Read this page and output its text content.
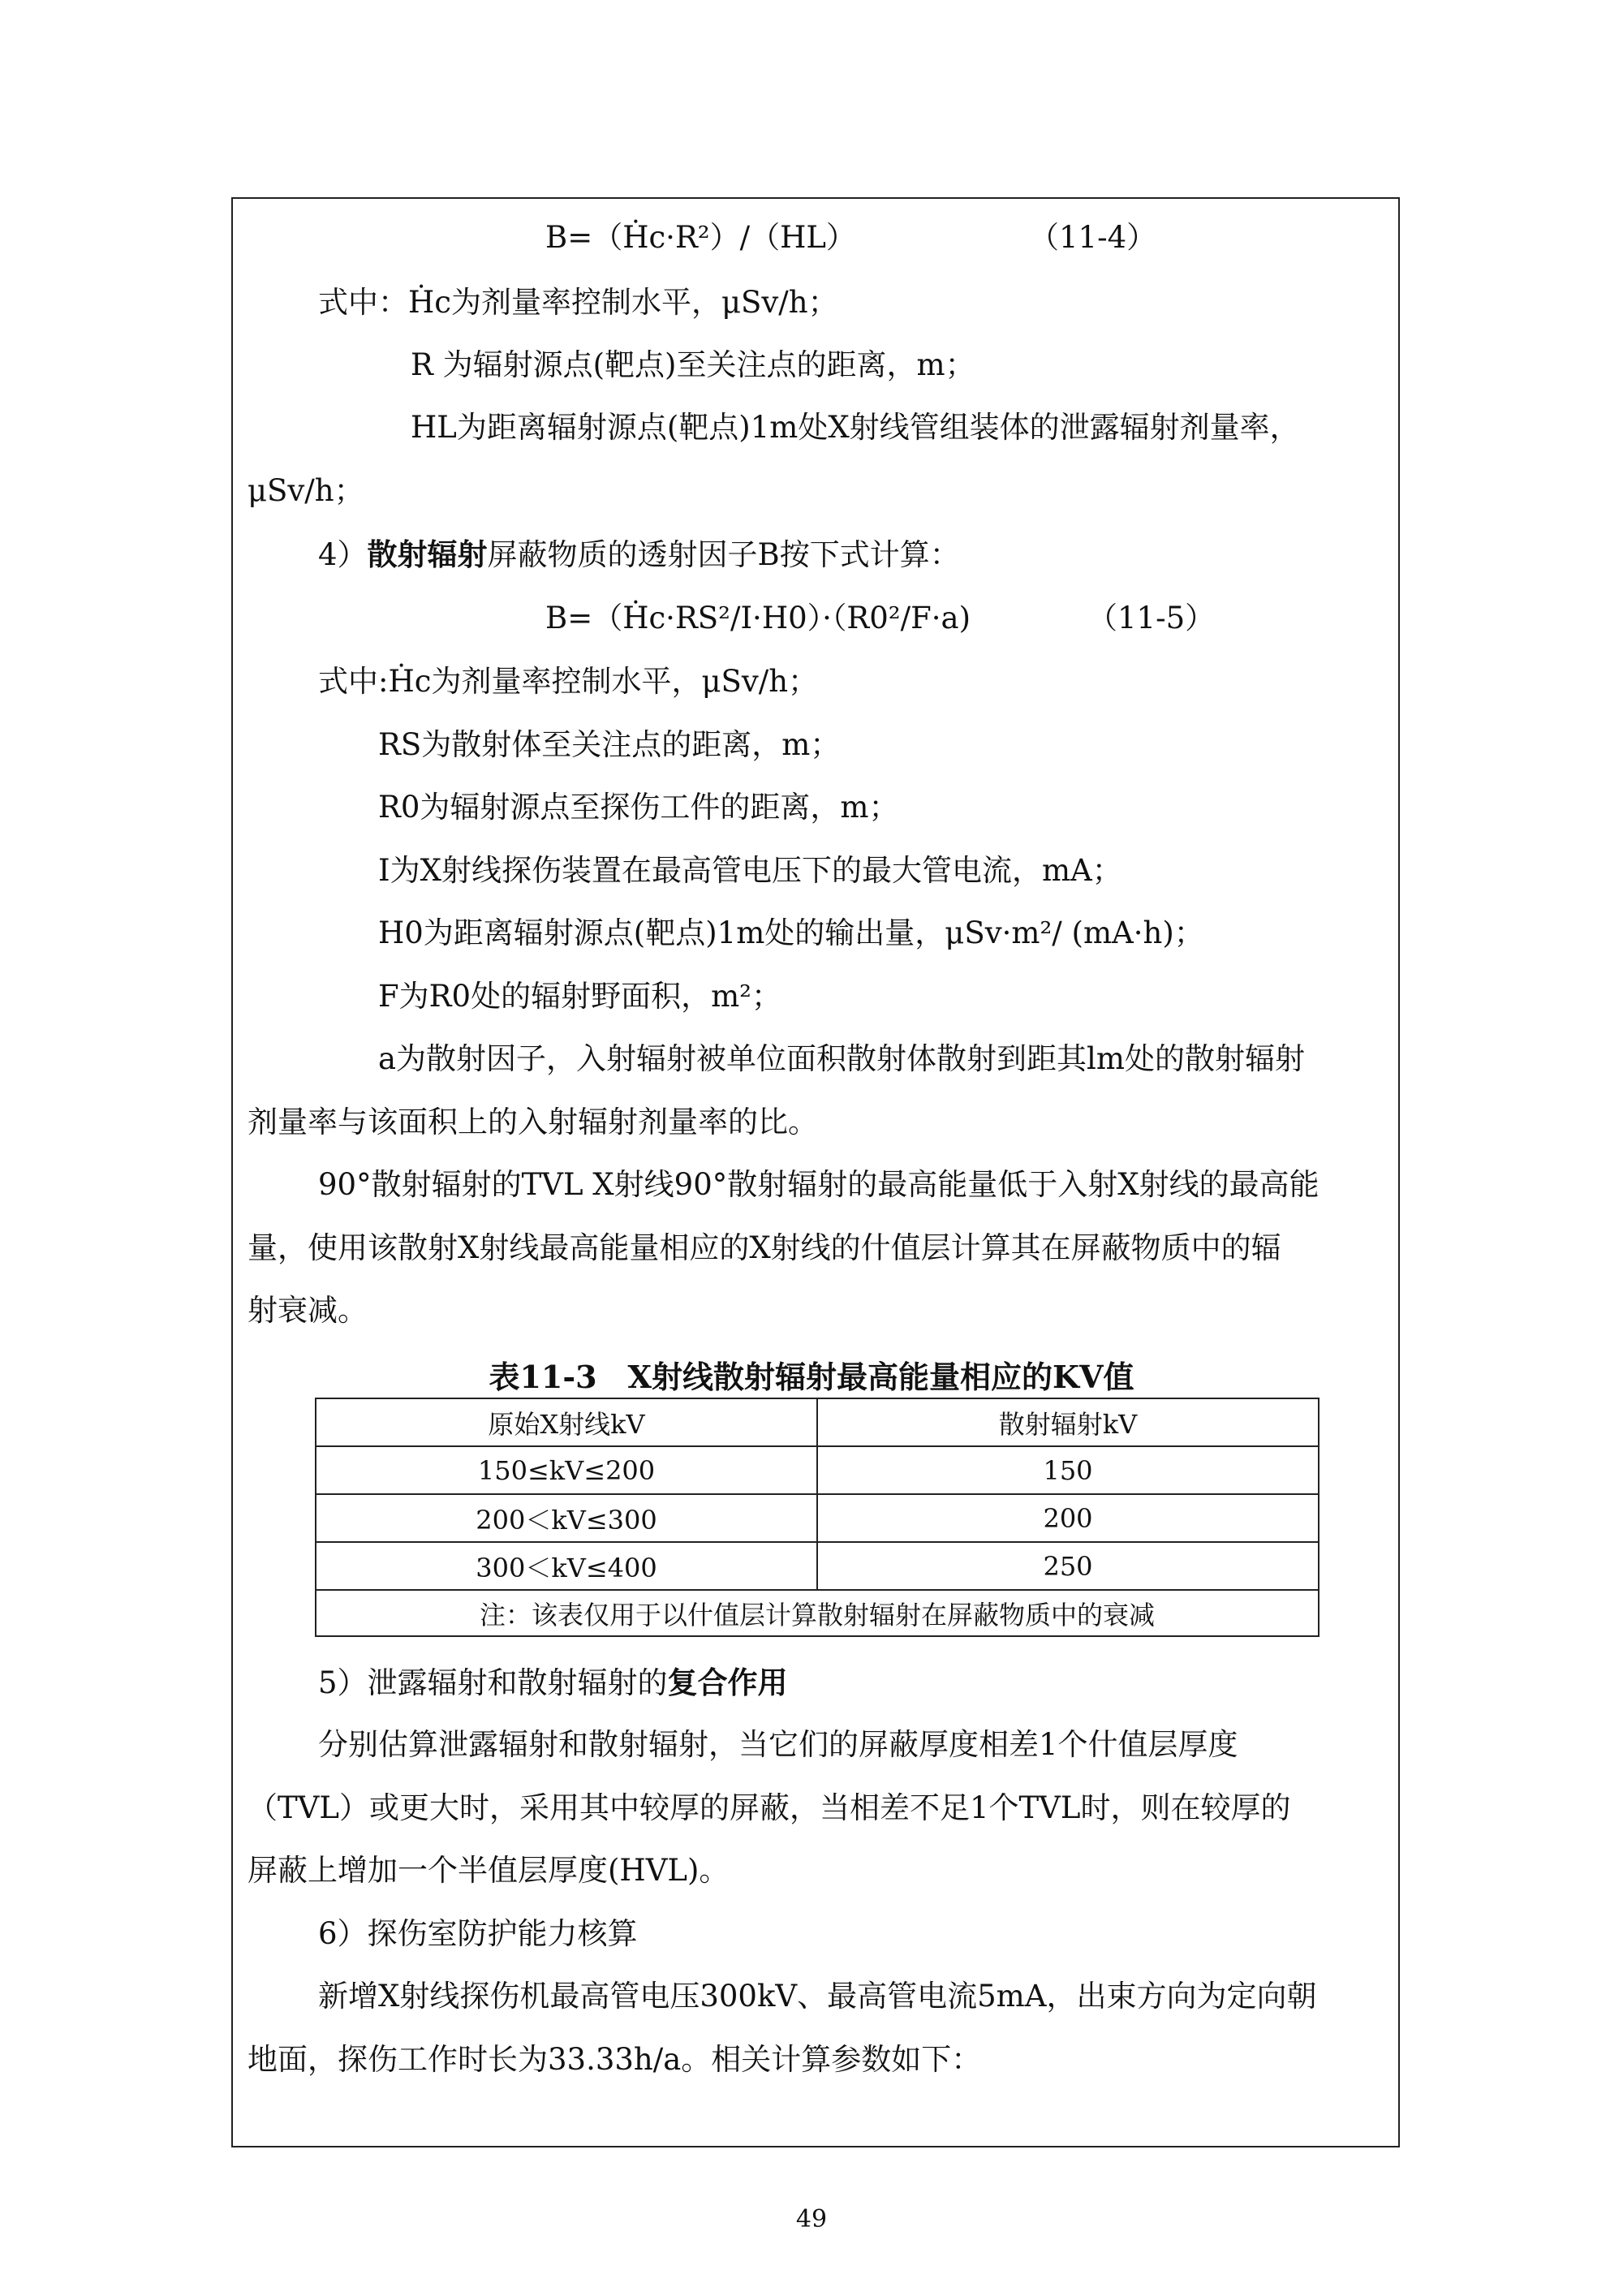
B=（Ḣc·R²）/（HL）	（11-4）
式中：Ḣc为剂量率控制水平，μSv/h；
R 为辐射源点(靶点)至关注点的距离，m；
HL为距离辐射源点(靶点)1m处X射线管组装体的泄露辐射剂量率，
μSv/h；
4）散射辐射屏蔽物质的透射因子B按下式计算：
B=（Ḣc·RS²/I·H0）·（R0²/F·a)	（11-5）
式中:Ḣc为剂量率控制水平，μSv/h；
RS为散射体至关注点的距离，m；
R0为辐射源点至探伤工件的距离，m；
I为X射线探伤装置在最高管电压下的最大管电流，mA；
H0为距离辐射源点(靶点)1m处的输出量，μSv·m²/ (mA·h)；
F为R0处的辐射野面积，m²；
a为散射因子，入射辐射被单位面积散射体散射到距其lm处的散射辐射
剂量率与该面积上的入射辐射剂量率的比。
90°散射辐射的TVL X射线90°散射辐射的最高能量低于入射X射线的最高能
量，使用该散射X射线最高能量相应的X射线的什值层计算其在屏蔽物质中的辐
射衰减。
表11-3　X射线散射辐射最高能量相应的KV值
原始X射线kV	散射辐射kV
150≤kV≤200	150
200＜kV≤300	200
300＜kV≤400	250
注：该表仅用于以什值层计算散射辐射在屏蔽物质中的衰减	
5）泄露辐射和散射辐射的复合作用
分别估算泄露辐射和散射辐射，当它们的屏蔽厚度相差1个什值层厚度
（TVL）或更大时，采用其中较厚的屏蔽，当相差不足1个TVL时，则在较厚的
屏蔽上增加一个半值层厚度(HVL)。
6）探伤室防护能力核算
新增X射线探伤机最高管电压300kV、最高管电流5mA，出束方向为定向朝
地面，探伤工作时长为33.33h/a。相关计算参数如下：
49
